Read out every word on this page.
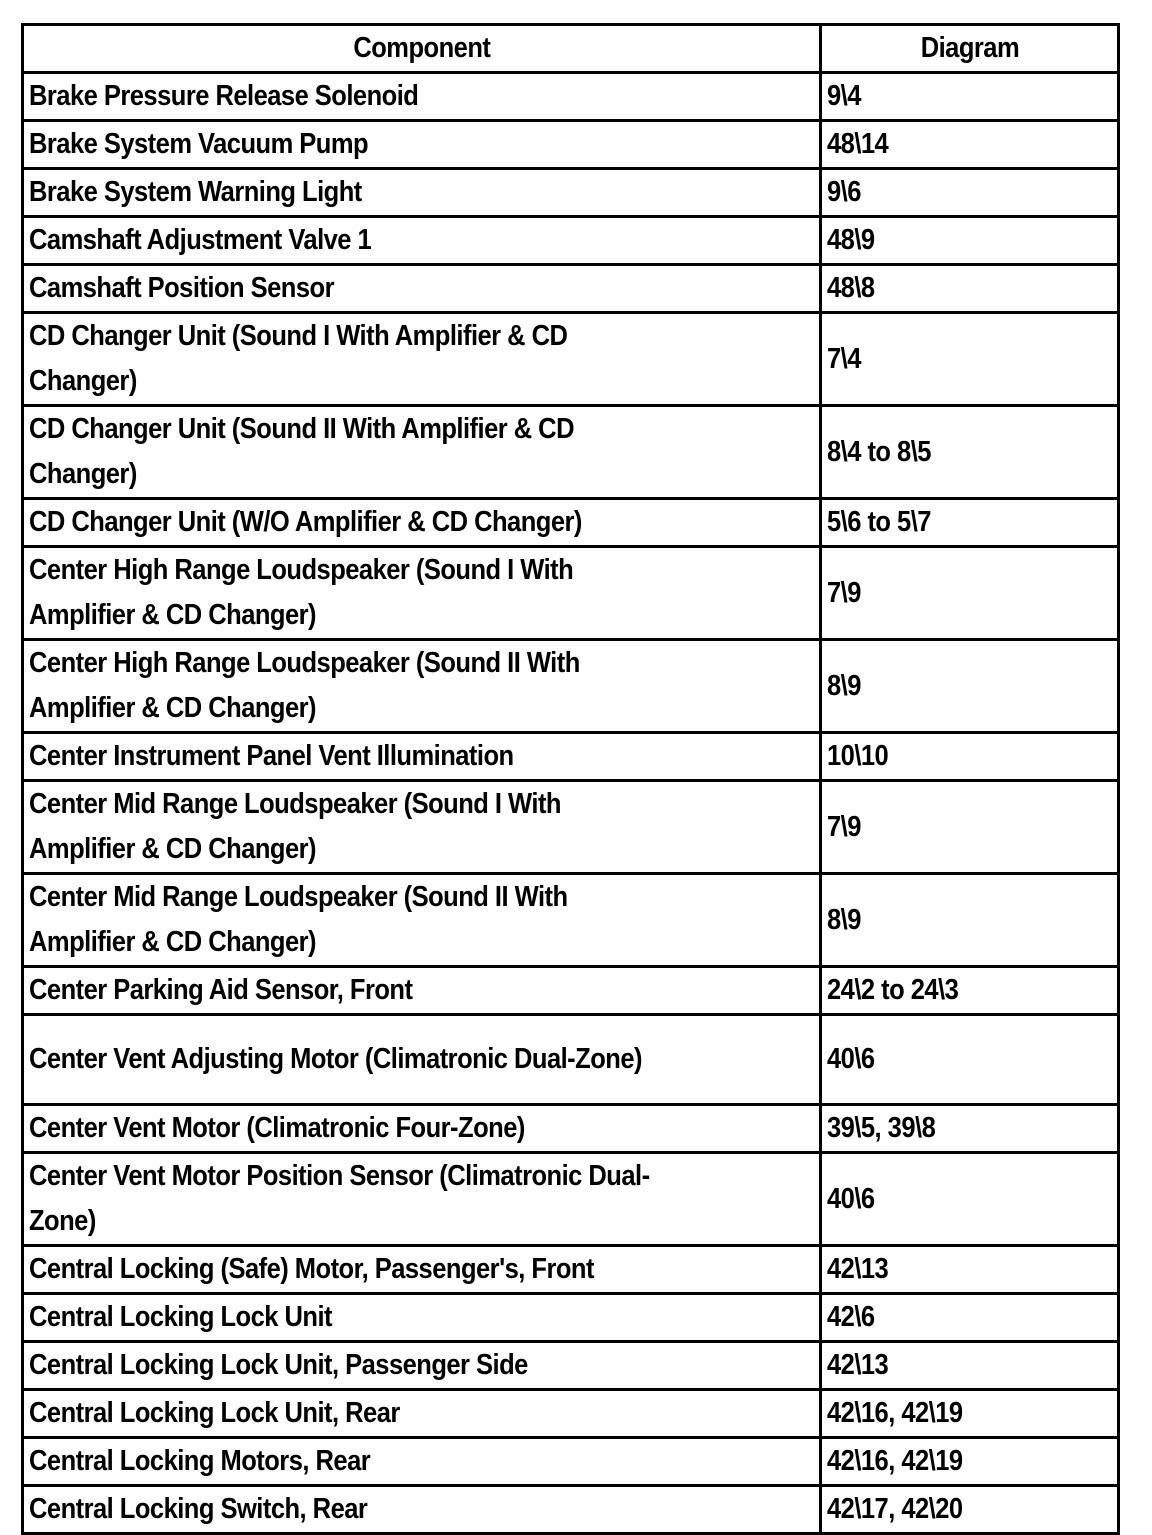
Component	Diagram
Brake Pressure Release Solenoid	9\4
Brake System Vacuum Pump	48\14
Brake System Warning Light	9\6
Camshaft Adjustment Valve 1	48\9
Camshaft Position Sensor	48\8
CD Changer Unit (Sound I With Amplifier & CD
Changer)	7\4
CD Changer Unit (Sound II With Amplifier & CD
Changer)	8\4 to 8\5
CD Changer Unit (W/O Amplifier & CD Changer)	5\6 to 5\7
Center High Range Loudspeaker (Sound I With
Amplifier & CD Changer)	7\9
Center High Range Loudspeaker (Sound II With
Amplifier & CD Changer)	8\9
Center Instrument Panel Vent Illumination	10\10
Center Mid Range Loudspeaker (Sound I With
Amplifier & CD Changer)	7\9
Center Mid Range Loudspeaker (Sound II With
Amplifier & CD Changer)	8\9
Center Parking Aid Sensor, Front	24\2 to 24\3
Center Vent Adjusting Motor (Climatronic Dual-Zone)	40\6
Center Vent Motor (Climatronic Four-Zone)	39\5, 39\8
Center Vent Motor Position Sensor (Climatronic Dual-
Zone)	40\6
Central Locking (Safe) Motor, Passenger's, Front	42\13
Central Locking Lock Unit	42\6
Central Locking Lock Unit, Passenger Side	42\13
Central Locking Lock Unit, Rear	42\16, 42\19
Central Locking Motors, Rear	42\16, 42\19
Central Locking Switch, Rear	42\17, 42\20
